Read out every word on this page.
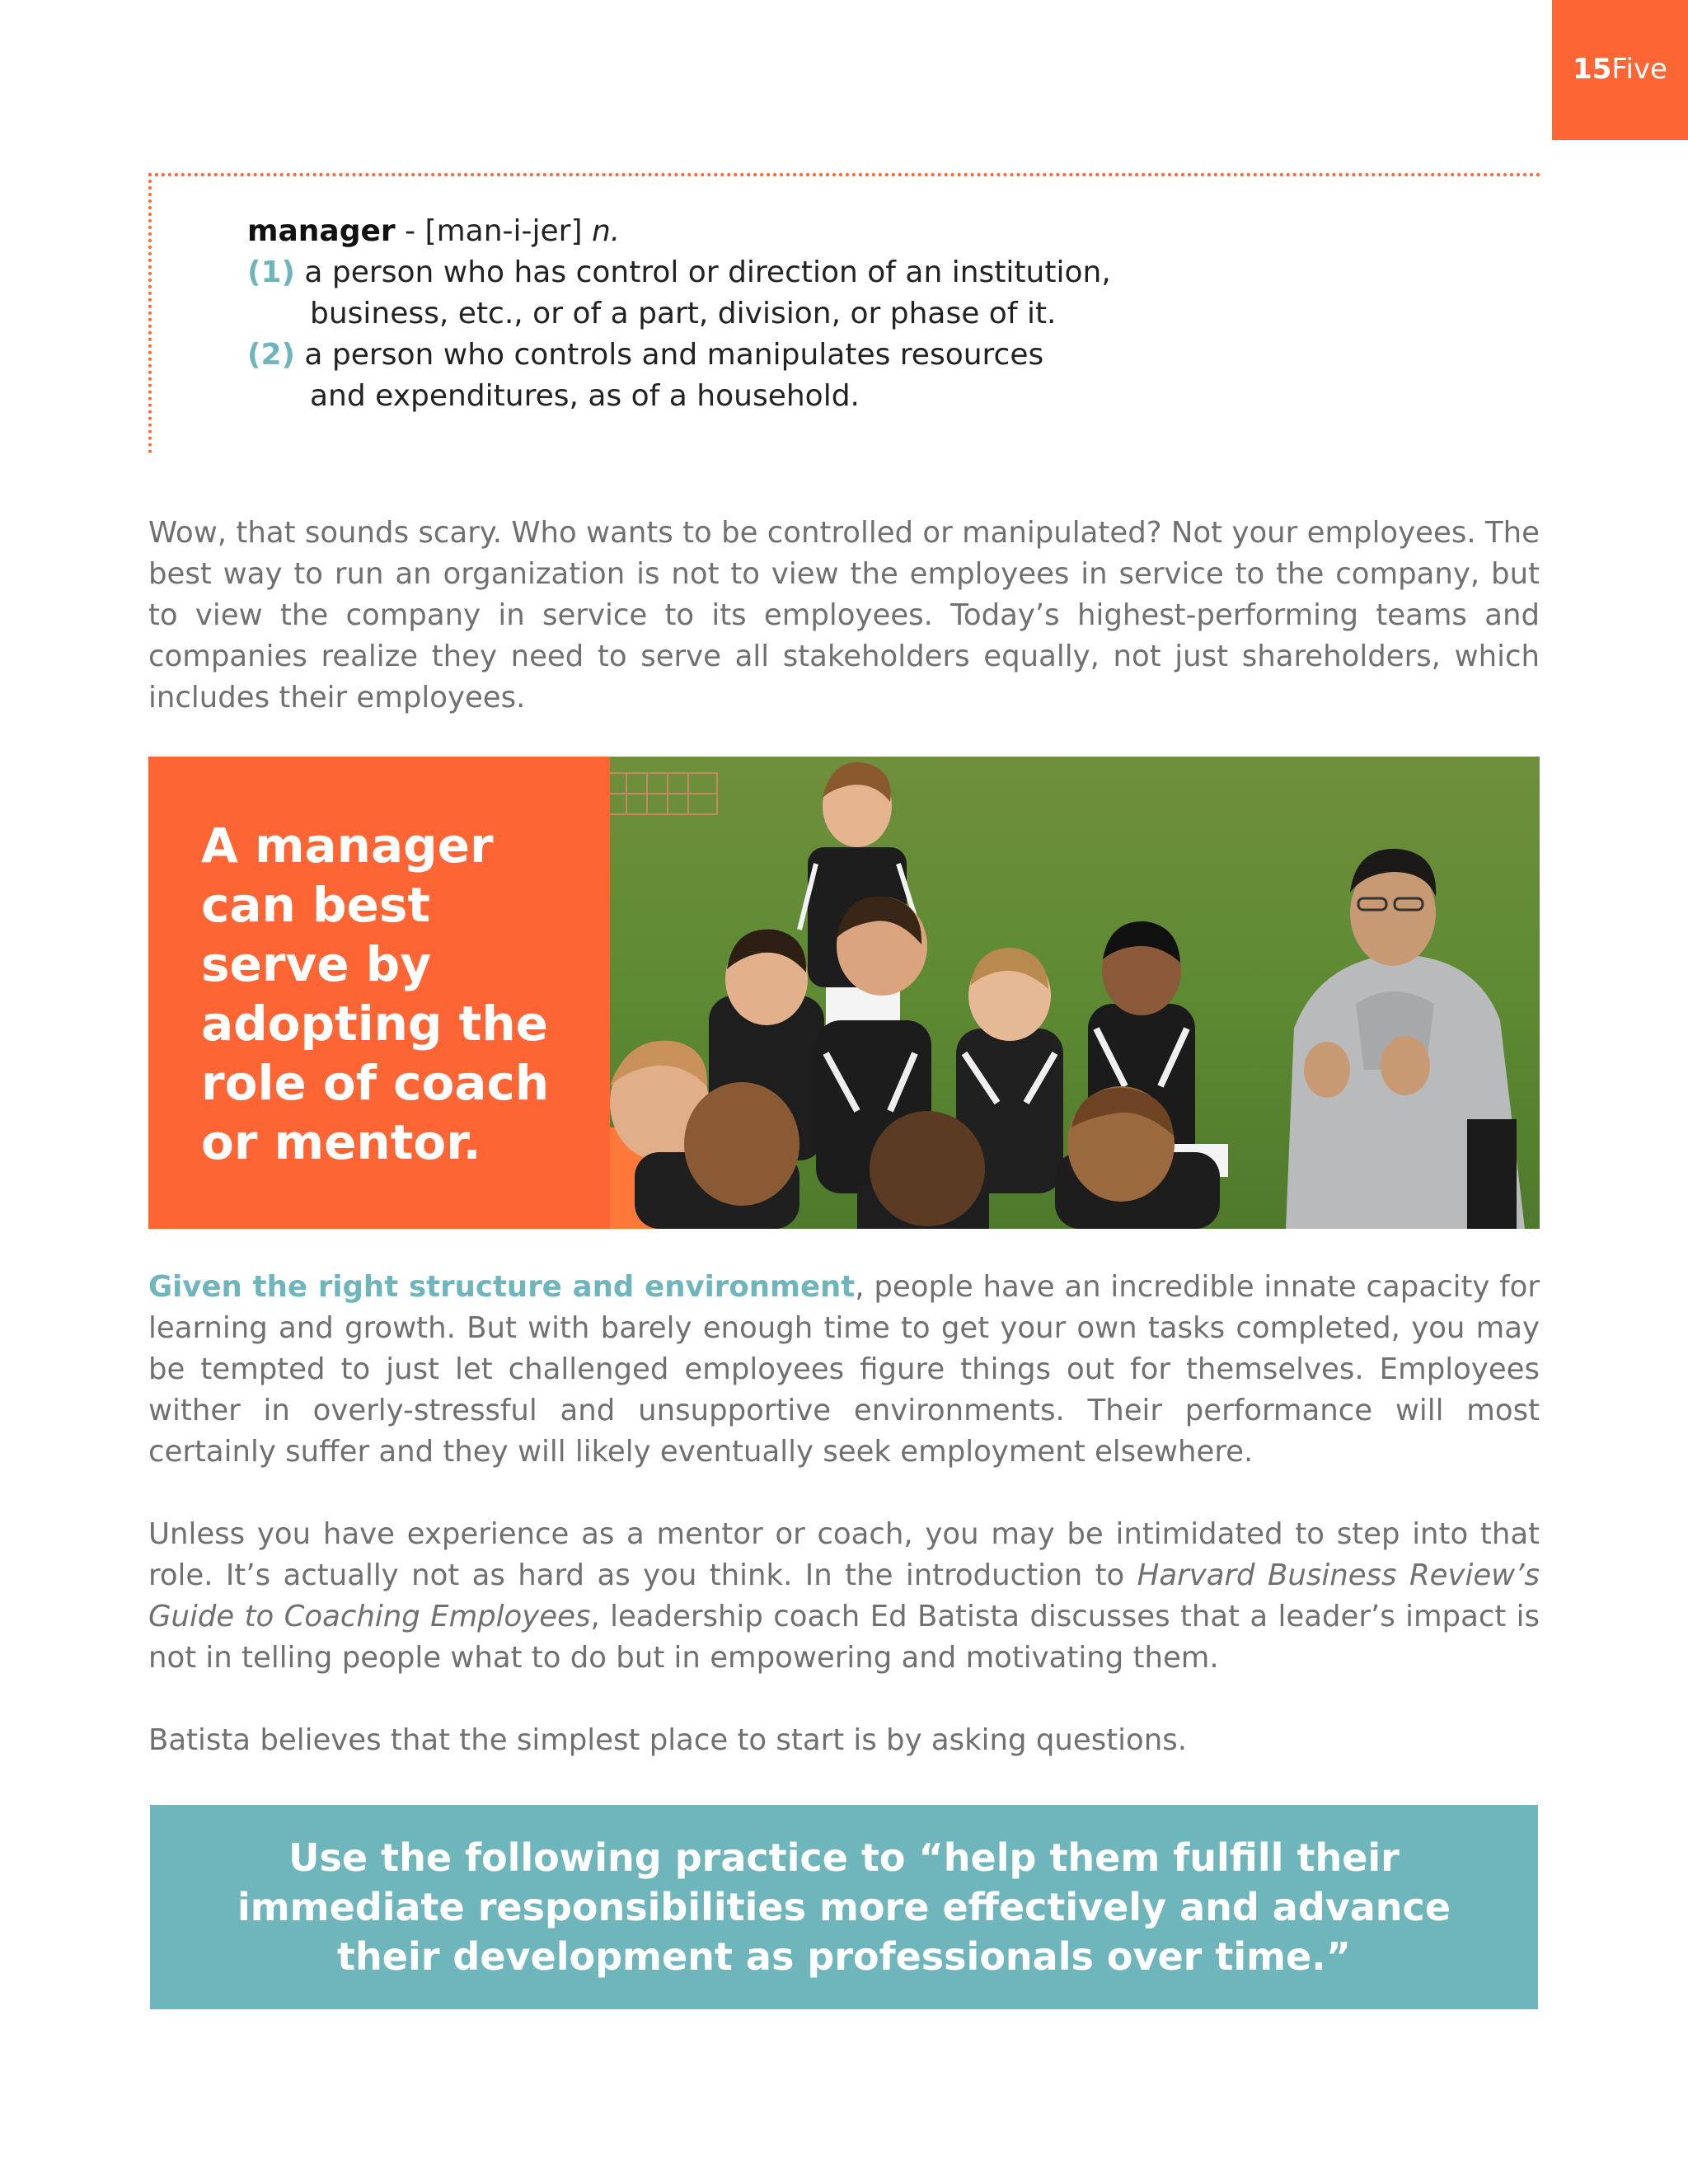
15Five
manager - [man-i-jer] n.
(1) a person who has control or direction of an institution,
business, etc., or of a part, division, or phase of it.
(2) a person who controls and manipulates resources
and expenditures, as of a household.
Wow, that sounds scary. Who wants to be controlled or manipulated? Not your employees. The best way to run an organization is not to view the employees in service to the company, but to view the company in service to its employees. Today’s highest-performing teams and companies realize they need to serve all stakeholders equally, not just shareholders, which includes their employees.
A manager
can best
serve by
adopting the
role of coach
or mentor.
Given the right structure and environment, people have an incredible innate capacity for learning and growth. But with barely enough time to get your own tasks completed, you may be tempted to just let challenged employees figure things out for themselves. Employees wither in overly-stressful and unsupportive environments. Their performance will most certainly suffer and they will likely eventually seek employment elsewhere.
Unless you have experience as a mentor or coach, you may be intimidated to step into that role. It’s actually not as hard as you think. In the introduction to Harvard Business Review’s Guide to Coaching Employees, leadership coach Ed Batista discusses that a leader’s impact is not in telling people what to do but in empowering and motivating them.
Batista believes that the simplest place to start is by asking questions.
Use the following practice to “help them fulfill their
immediate responsibilities more effectively and advance
their development as professionals over time.”
